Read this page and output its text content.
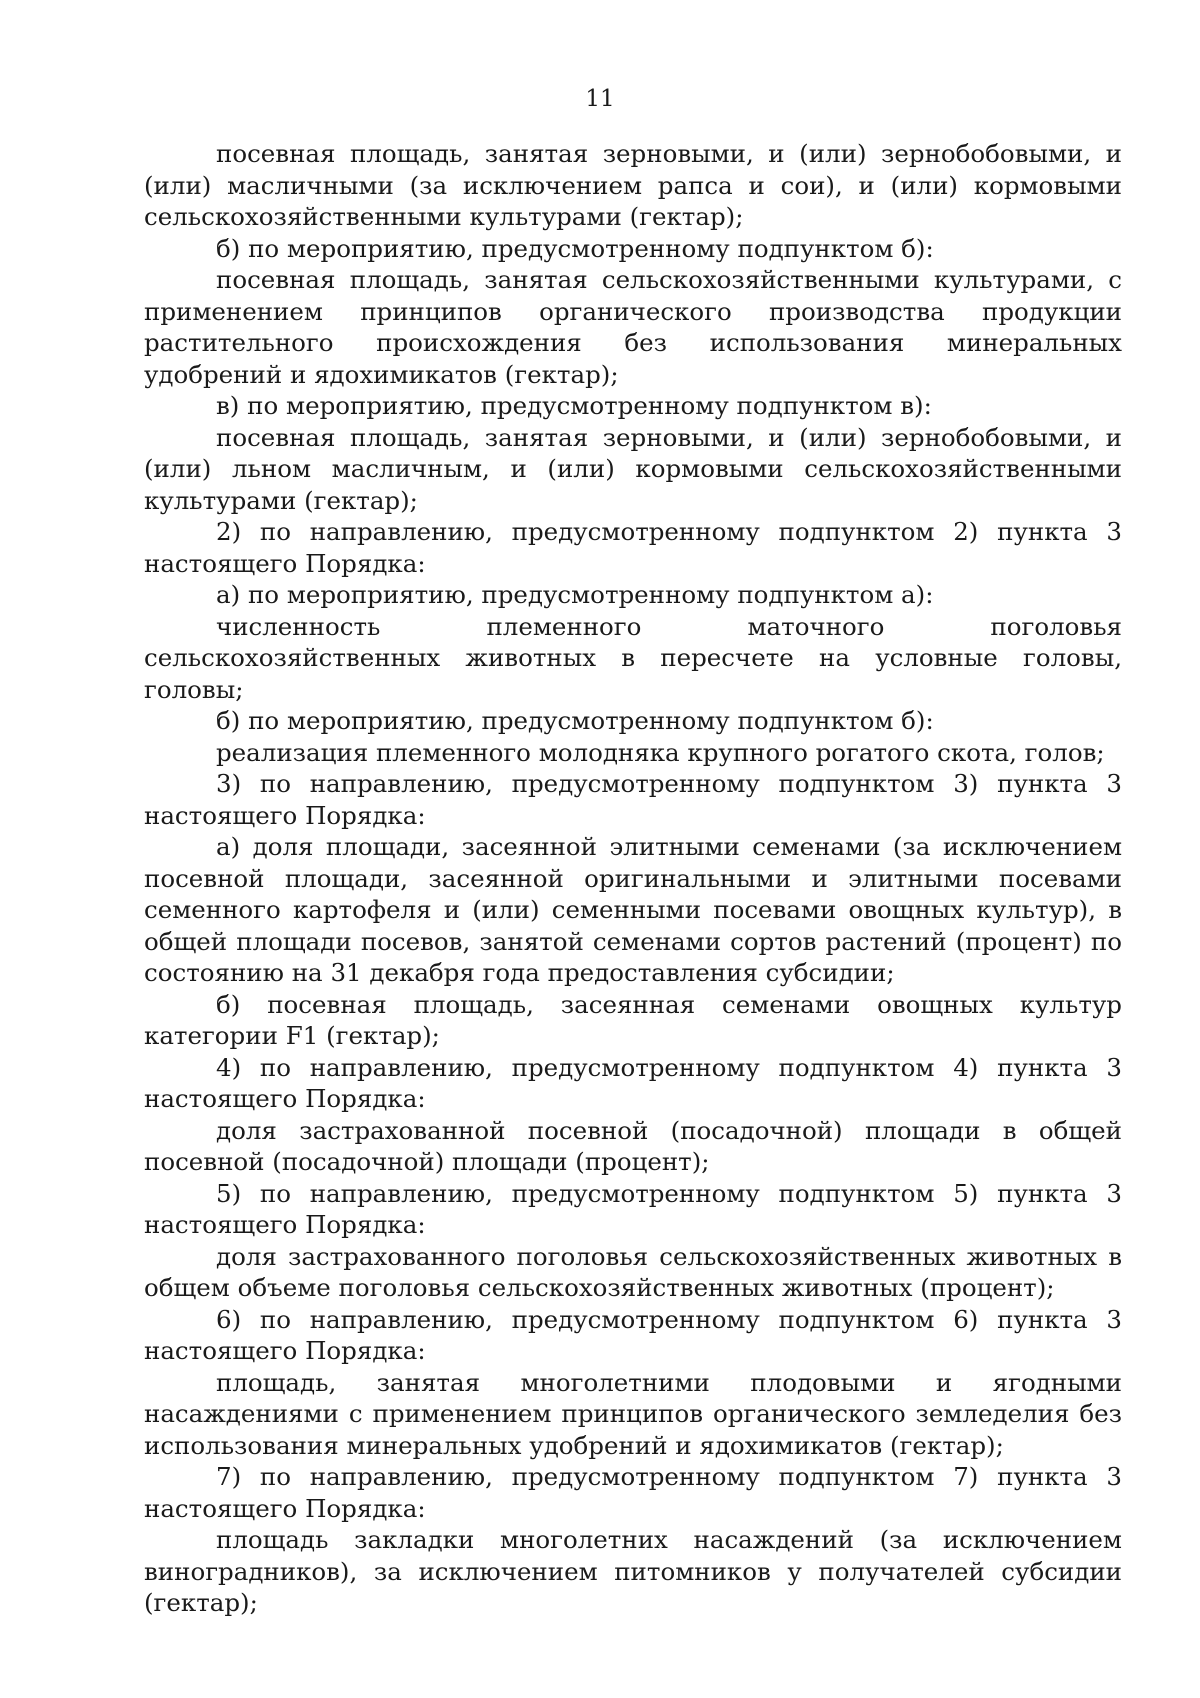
11

посевная площадь, занятая зерновыми, и (или) зернобобовыми, и (или) масличными (за исключением рапса и сои), и (или) кормовыми сельскохозяйственными культурами (гектар);

б) по мероприятию, предусмотренному подпунктом б):

посевная площадь, занятая сельскохозяйственными культурами, с применением принципов органического производства продукции растительного происхождения без использования минеральных удобрений и ядохимикатов (гектар);

в) по мероприятию, предусмотренному подпунктом в):

посевная площадь, занятая зерновыми, и (или) зернобобовыми, и (или) льном масличным, и (или) кормовыми сельскохозяйственными культурами (гектар);

2) по направлению, предусмотренному подпунктом 2) пункта 3 настоящего Порядка:

а) по мероприятию, предусмотренному подпунктом а):

численность племенного маточного поголовья сельскохозяйственных животных в пересчете на условные головы, головы;

б) по мероприятию, предусмотренному подпунктом б):

реализация племенного молодняка крупного рогатого скота, голов;

3) по направлению, предусмотренному подпунктом 3) пункта 3 настоящего Порядка:

а) доля площади, засеянной элитными семенами (за исключением посевной площади, засеянной оригинальными и элитными посевами семенного картофеля и (или) семенными посевами овощных культур), в общей площади посевов, занятой семенами сортов растений (процент) по состоянию на 31 декабря года предоставления субсидии;

б) посевная площадь, засеянная семенами овощных культур категории F1 (гектар);

4) по направлению, предусмотренному подпунктом 4) пункта 3 настоящего Порядка:

доля застрахованной посевной (посадочной) площади в общей посевной (посадочной) площади (процент);

5) по направлению, предусмотренному подпунктом 5) пункта 3 настоящего Порядка:

доля застрахованного поголовья сельскохозяйственных животных в общем объеме поголовья сельскохозяйственных животных (процент);

6) по направлению, предусмотренному подпунктом 6) пункта 3 настоящего Порядка:

площадь, занятая многолетними плодовыми и ягодными насаждениями с применением принципов органического земледелия без использования минеральных удобрений и ядохимикатов (гектар);

7) по направлению, предусмотренному подпунктом 7) пункта 3 настоящего Порядка:

площадь закладки многолетних насаждений (за исключением виноградников), за исключением питомников у получателей субсидии (гектар);
